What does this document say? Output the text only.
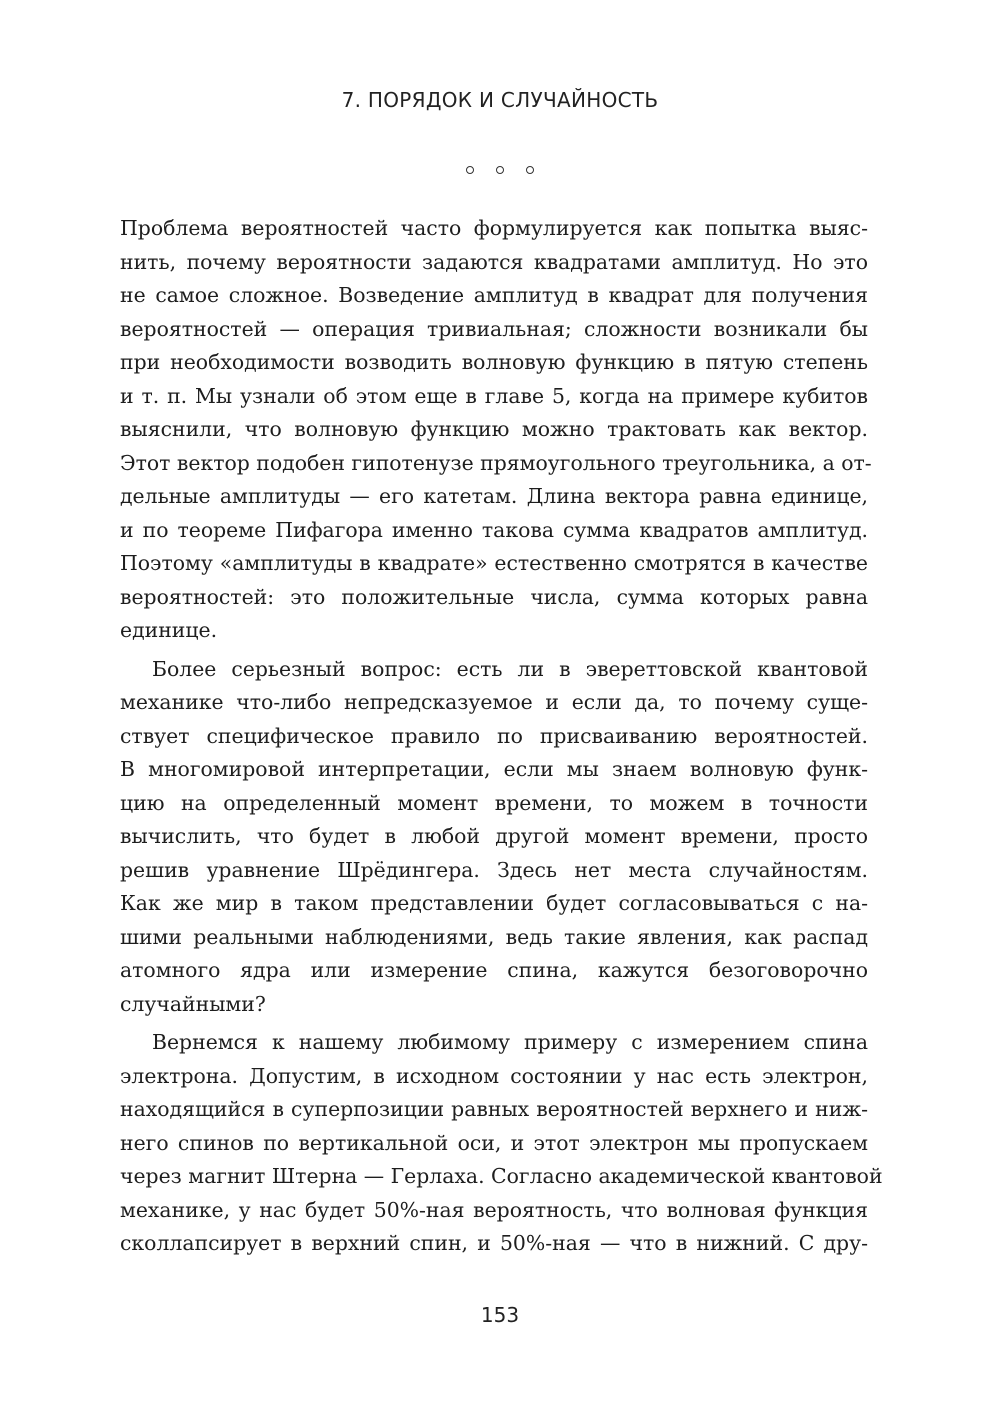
7. ПОРЯДОК И СЛУЧАЙНОСТЬ
Проблема вероятностей часто формулируется как попытка выяс-
нить, почему вероятности задаются квадратами амплитуд. Но это
не самое сложное. Возведение амплитуд в квадрат для получения
вероятностей — операция тривиальная; сложности возникали бы
при необходимости возводить волновую функцию в пятую степень
и т. п. Мы узнали об этом еще в главе 5, когда на примере кубитов
выяснили, что волновую функцию можно трактовать как вектор.
Этот вектор подобен гипотенузе прямоугольного треугольника, а от-
дельные амплитуды — его катетам. Длина вектора равна единице,
и по теореме Пифагора именно такова сумма квадратов амплитуд.
Поэтому «амплитуды в квадрате» естественно смотрятся в качестве
вероятностей: это положительные числа, сумма которых равна
единице.
Более серьезный вопрос: есть ли в эвереттовской квантовой
механике что-либо непредсказуемое и если да, то почему суще-
ствует специфическое правило по присваиванию вероятностей.
В многомировой интерпретации, если мы знаем волновую функ-
цию на определенный момент времени, то можем в точности
вычислить, что будет в любой другой момент времени, просто
решив уравнение Шрёдингера. Здесь нет места случайностям.
Как же мир в таком представлении будет согласовываться с на-
шими реальными наблюдениями, ведь такие явления, как распад
атомного ядра или измерение спина, кажутся безоговорочно
случайными?
Вернемся к нашему любимому примеру с измерением спина
электрона. Допустим, в исходном состоянии у нас есть электрон,
находящийся в суперпозиции равных вероятностей верхнего и ниж-
него спинов по вертикальной оси, и этот электрон мы пропускаем
через магнит Штерна — Герлаха. Согласно академической квантовой
механике, у нас будет 50%-ная вероятность, что волновая функция
сколлапсирует в верхний спин, и 50%-ная — что в нижний. С дру-
153
